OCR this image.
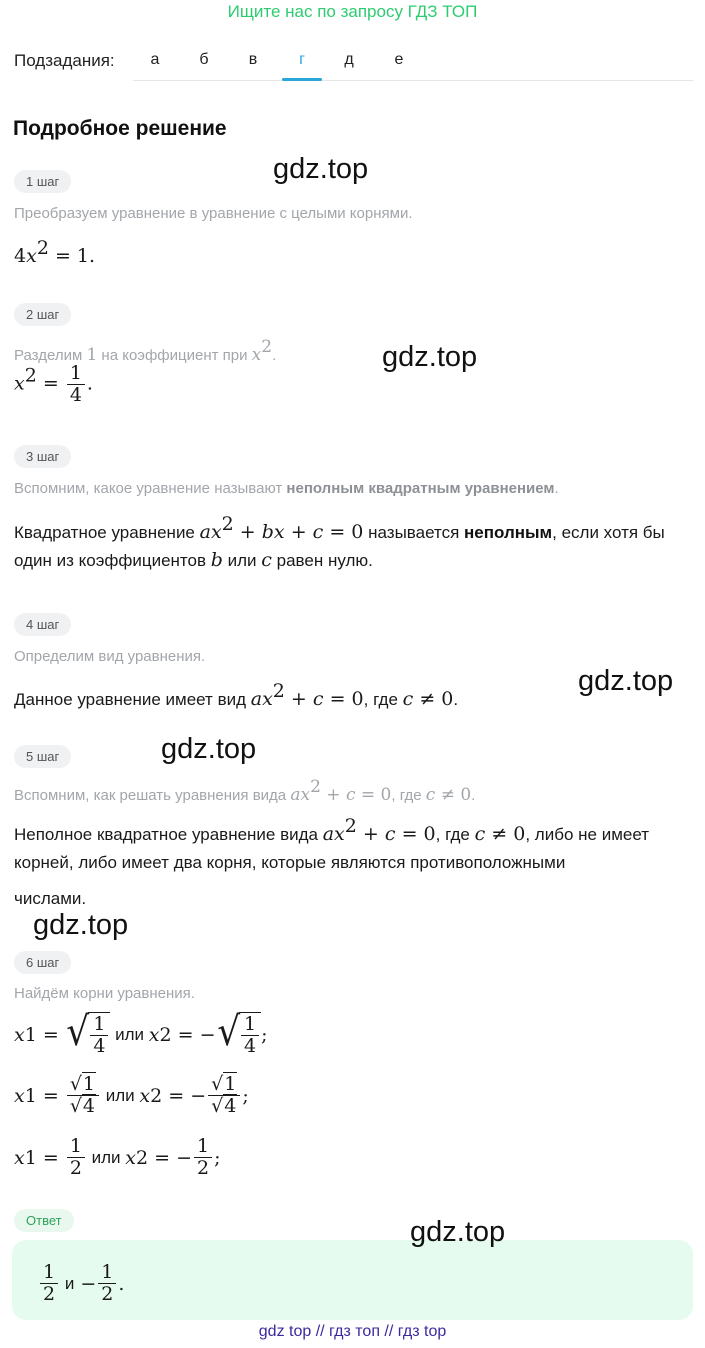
Ищите нас по запросу ГДЗ ТОП
Подзадания:	а	б	в	г	д	е
Подробное решение
1 шаг
Преобразуем уравнение в уравнение с целыми корнями.
$4x^2 = 1$.
2 шаг
Разделим 1 на коэффициент при $x^2$.
$x^2 = \frac{1}{4}$ .
3 шаг
Вспомним, какое уравнение называют неполным квадратным уравнением.
Квадратное уравнение $ax^2$ + bx + c = 0 называется неполным, если хотя бы
один из коэффициентов b или c равен нулю.
4 шаг
Определим вид уравнения.
Данное уравнение имеет вид $ax^2 + c = 0$, где c ≠ 0.
5 шаг
Вспомним, как решать уравнения вида $ax^2 + c = 0$, где c ≠ 0.
Неполное квадратное уравнение вида $ax^2 + c = 0$, где c ≠ 0, либо не имеет
корней, либо имеет два корня, которые являются противоположными
числами.
6 шаг
Найдём корни уравнения.
x 1 = √ $\frac{1}{4}$
или
x 2 = − √ $\frac{1}{4}$ ;
x $1 = \frac{√1}{√4}$
или
x 2 = − $\frac{√1}{√4}$ ;
x $1 = \frac{1}{2}$
или
x 2 = − $\frac{1}{2}$ ;
Ответ
$\frac{1}{2}$
$и - \frac{1}{2}$ .
gdz.top
gdz.top
gdz.top
gdz.top
gdz.top
gdz.top
gdz top // гдз топ // гдз top
